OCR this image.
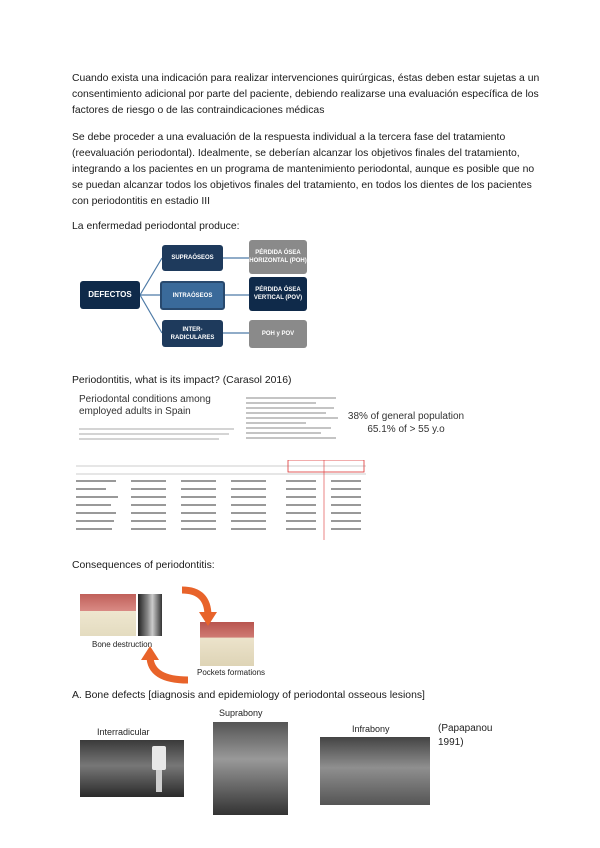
Cuando exista una indicación para realizar intervenciones quirúrgicas, éstas deben estar sujetas a un consentimiento adicional por parte del paciente, debiendo realizarse una evaluación específica de los factores de riesgo o de las contraindicaciones médicas

Se debe proceder a una evaluación de la respuesta individual a la tercera fase del tratamiento (reevaluación periodontal). Idealmente, se deberían alcanzar los objetivos finales del tratamiento, integrando a los pacientes en un programa de mantenimiento periodontal, aunque es posible que no se puedan alcanzar todos los objetivos finales del tratamiento, en todos los dientes de los pacientes con periodontitis en estadio III

La enfermedad periodontal produce:

DEFECTOS
SUPRAÓSEOS
INTRAÓSEOS
INTER-RADICULARES
PÉRDIDA ÓSEA HORIZONTAL (POH)
PÉRDIDA ÓSEA VERTICAL (POV)
POH y POV

Periodontitis, what is its impact? (Carasol 2016)

Periodontal conditions among employed adults in Spain	38% of general population
65.1% of > 55 y.o

Consequences of periodontitis:

Bone destruction
Pockets formations

A. Bone defects [diagnosis and epidemiology of periodontal osseous lesions]

Interradicular
Suprabony
Infrabony	(Papapanou 1991)
